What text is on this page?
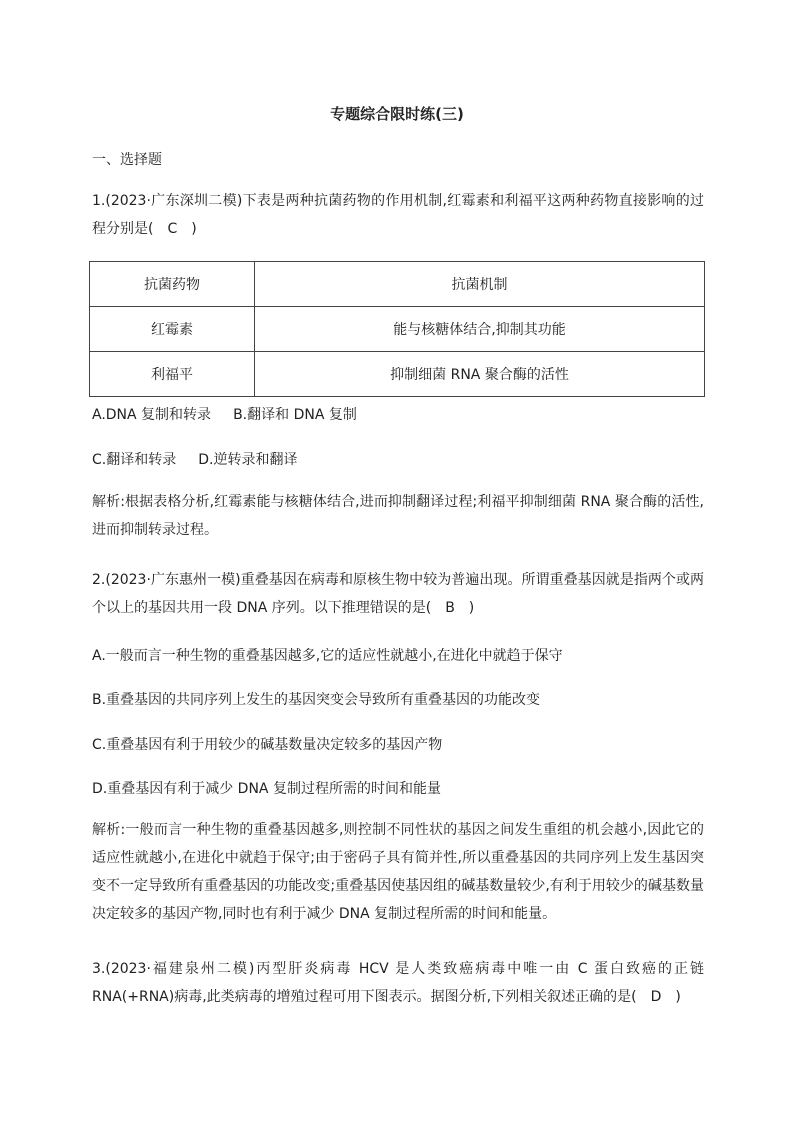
专题综合限时练(三)
一、选择题
1.(2023·广东深圳二模)下表是两种抗菌药物的作用机制,红霉素和利福平这两种药物直接影响的过程分别是(　C　)
抗菌药物	抗菌机制
红霉素	能与核糖体结合,抑制其功能
利福平	抑制细菌 RNA 聚合酶的活性
A.DNA 复制和转录 B.翻译和 DNA 复制
C.翻译和转录 D.逆转录和翻译
解析:根据表格分析,红霉素能与核糖体结合,进而抑制翻译过程;利福平抑制细菌 RNA 聚合酶的活性,进而抑制转录过程。
2.(2023·广东惠州一模)重叠基因在病毒和原核生物中较为普遍出现。所谓重叠基因就是指两个或两个以上的基因共用一段 DNA 序列。以下推理错误的是(　B　)
A.一般而言一种生物的重叠基因越多,它的适应性就越小,在进化中就趋于保守
B.重叠基因的共同序列上发生的基因突变会导致所有重叠基因的功能改变
C.重叠基因有利于用较少的碱基数量决定较多的基因产物
D.重叠基因有利于减少 DNA 复制过程所需的时间和能量
解析:一般而言一种生物的重叠基因越多,则控制不同性状的基因之间发生重组的机会越小,因此它的适应性就越小,在进化中就趋于保守;由于密码子具有简并性,所以重叠基因的共同序列上发生基因突变不一定导致所有重叠基因的功能改变;重叠基因使基因组的碱基数量较少,有利于用较少的碱基数量决定较多的基因产物,同时也有利于减少 DNA 复制过程所需的时间和能量。
3.(2023·福建泉州二模)丙型肝炎病毒 HCV 是人类致癌病毒中唯一由 C 蛋白致癌的正链 RNA(+RNA)病毒,此类病毒的增殖过程可用下图表示。据图分析,下列相关叙述正确的是(　D　)
